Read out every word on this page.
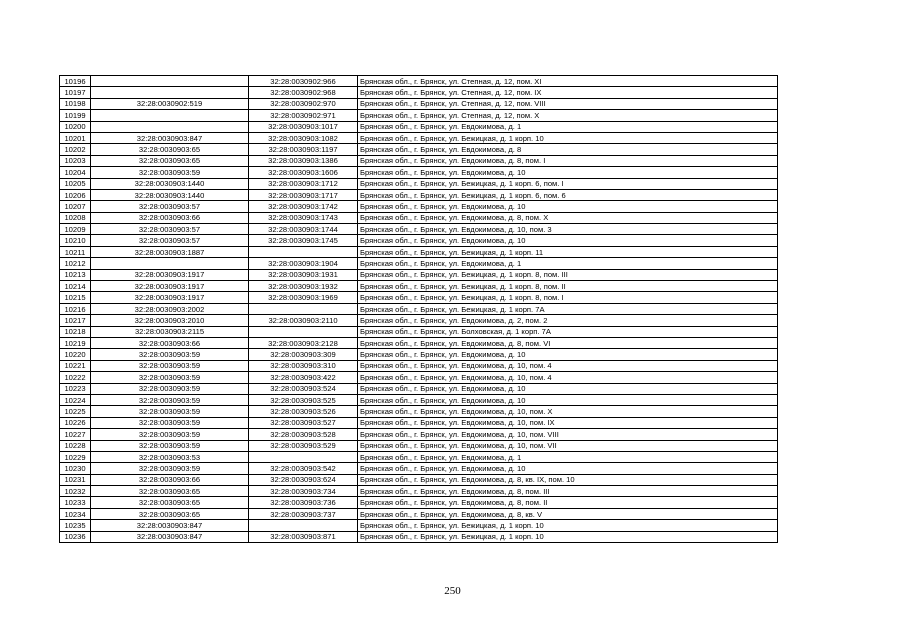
10196		32:28:0030902:966	Брянская обл., г. Брянск, ул. Степная, д. 12, пом. XI
10197		32:28:0030902:968	Брянская обл., г. Брянск, ул. Степная, д. 12, пом. IX
10198	32:28:0030902:519	32:28:0030902:970	Брянская обл., г. Брянск, ул. Степная, д. 12, пом. VIII
10199		32:28:0030902:971	Брянская обл., г. Брянск, ул. Степная, д. 12, пом. X
10200		32:28:0030903:1017	Брянская обл., г. Брянск, ул. Евдокимова, д. 1
10201	32:28:0030903:847	32:28:0030903:1082	Брянская обл., г. Брянск, ул. Бежицкая, д. 1 корп. 10
10202	32:28:0030903:65	32:28:0030903:1197	Брянская обл., г. Брянск, ул. Евдокимова, д. 8
10203	32:28:0030903:65	32:28:0030903:1386	Брянская обл., г. Брянск, ул. Евдокимова, д. 8, пом. I
10204	32:28:0030903:59	32:28:0030903:1606	Брянская обл., г. Брянск, ул. Евдокимова, д. 10
10205	32:28:0030903:1440	32:28:0030903:1712	Брянская обл., г. Брянск, ул. Бежицкая, д. 1 корп. 6, пом. I
10206	32:28:0030903:1440	32:28:0030903:1717	Брянская обл., г. Брянск, ул. Бежицкая, д. 1 корп. 6, пом. 6
10207	32:28:0030903:57	32:28:0030903:1742	Брянская обл., г. Брянск, ул. Евдокимова, д. 10
10208	32:28:0030903:66	32:28:0030903:1743	Брянская обл., г. Брянск, ул. Евдокимова, д. 8, пом. X
10209	32:28:0030903:57	32:28:0030903:1744	Брянская обл., г. Брянск, ул. Евдокимова, д. 10, пом. 3
10210	32:28:0030903:57	32:28:0030903:1745	Брянская обл., г. Брянск, ул. Евдокимова, д. 10
10211	32:28:0030903:1887		Брянская обл., г. Брянск, ул. Бежицкая, д. 1 корп. 11
10212		32:28:0030903:1904	Брянская обл., г. Брянск, ул. Евдокимова, д. 1
10213	32:28:0030903:1917	32:28:0030903:1931	Брянская обл., г. Брянск, ул. Бежицкая, д. 1 корп. 8, пом. III
10214	32:28:0030903:1917	32:28:0030903:1932	Брянская обл., г. Брянск, ул. Бежицкая, д. 1 корп. 8, пом. II
10215	32:28:0030903:1917	32:28:0030903:1969	Брянская обл., г. Брянск, ул. Бежицкая, д. 1 корп. 8, пом. I
10216	32:28:0030903:2002		Брянская обл., г. Брянск, ул. Бежицкая, д. 1 корп. 7А
10217	32:28:0030903:2010	32:28:0030903:2110	Брянская обл., г. Брянск, ул. Евдокимова, д. 2, пом. 2
10218	32:28:0030903:2115		Брянская обл., г. Брянск, ул. Болховская, д. 1 корп. 7А
10219	32:28:0030903:66	32:28:0030903:2128	Брянская обл., г. Брянск, ул. Евдокимова, д. 8, пом. VI
10220	32:28:0030903:59	32:28:0030903:309	Брянская обл., г. Брянск, ул. Евдокимова, д. 10
10221	32:28:0030903:59	32:28:0030903:310	Брянская обл., г. Брянск, ул. Евдокимова, д. 10, пом. 4
10222	32:28:0030903:59	32:28:0030903:422	Брянская обл., г. Брянск, ул. Евдокимова, д. 10, пом. 4
10223	32:28:0030903:59	32:28:0030903:524	Брянская обл., г. Брянск, ул. Евдокимова, д. 10
10224	32:28:0030903:59	32:28:0030903:525	Брянская обл., г. Брянск, ул. Евдокимова, д. 10
10225	32:28:0030903:59	32:28:0030903:526	Брянская обл., г. Брянск, ул. Евдокимова, д. 10, пом. X
10226	32:28:0030903:59	32:28:0030903:527	Брянская обл., г. Брянск, ул. Евдокимова, д. 10, пом. IX
10227	32:28:0030903:59	32:28:0030903:528	Брянская обл., г. Брянск, ул. Евдокимова, д. 10, пом. VIII
10228	32:28:0030903:59	32:28:0030903:529	Брянская обл., г. Брянск, ул. Евдокимова, д. 10, пом. VII
10229	32:28:0030903:53		Брянская обл., г. Брянск, ул. Евдокимова, д. 1
10230	32:28:0030903:59	32:28:0030903:542	Брянская обл., г. Брянск, ул. Евдокимова, д. 10
10231	32:28:0030903:66	32:28:0030903:624	Брянская обл., г. Брянск, ул. Евдокимова, д. 8, кв. IX, пом. 10
10232	32:28:0030903:65	32:28:0030903:734	Брянская обл., г. Брянск, ул. Евдокимова, д. 8, пом. III
10233	32:28:0030903:65	32:28:0030903:736	Брянская обл., г. Брянск, ул. Евдокимова, д. 8, пом. II
10234	32:28:0030903:65	32:28:0030903:737	Брянская обл., г. Брянск, ул. Евдокимова, д. 8, кв. V
10235	32:28:0030903:847		Брянская обл., г. Брянск, ул. Бежицкая, д. 1 корп. 10
10236	32:28:0030903:847	32:28:0030903:871	Брянская обл., г. Брянск, ул. Бежицкая, д. 1 корп. 10
250
